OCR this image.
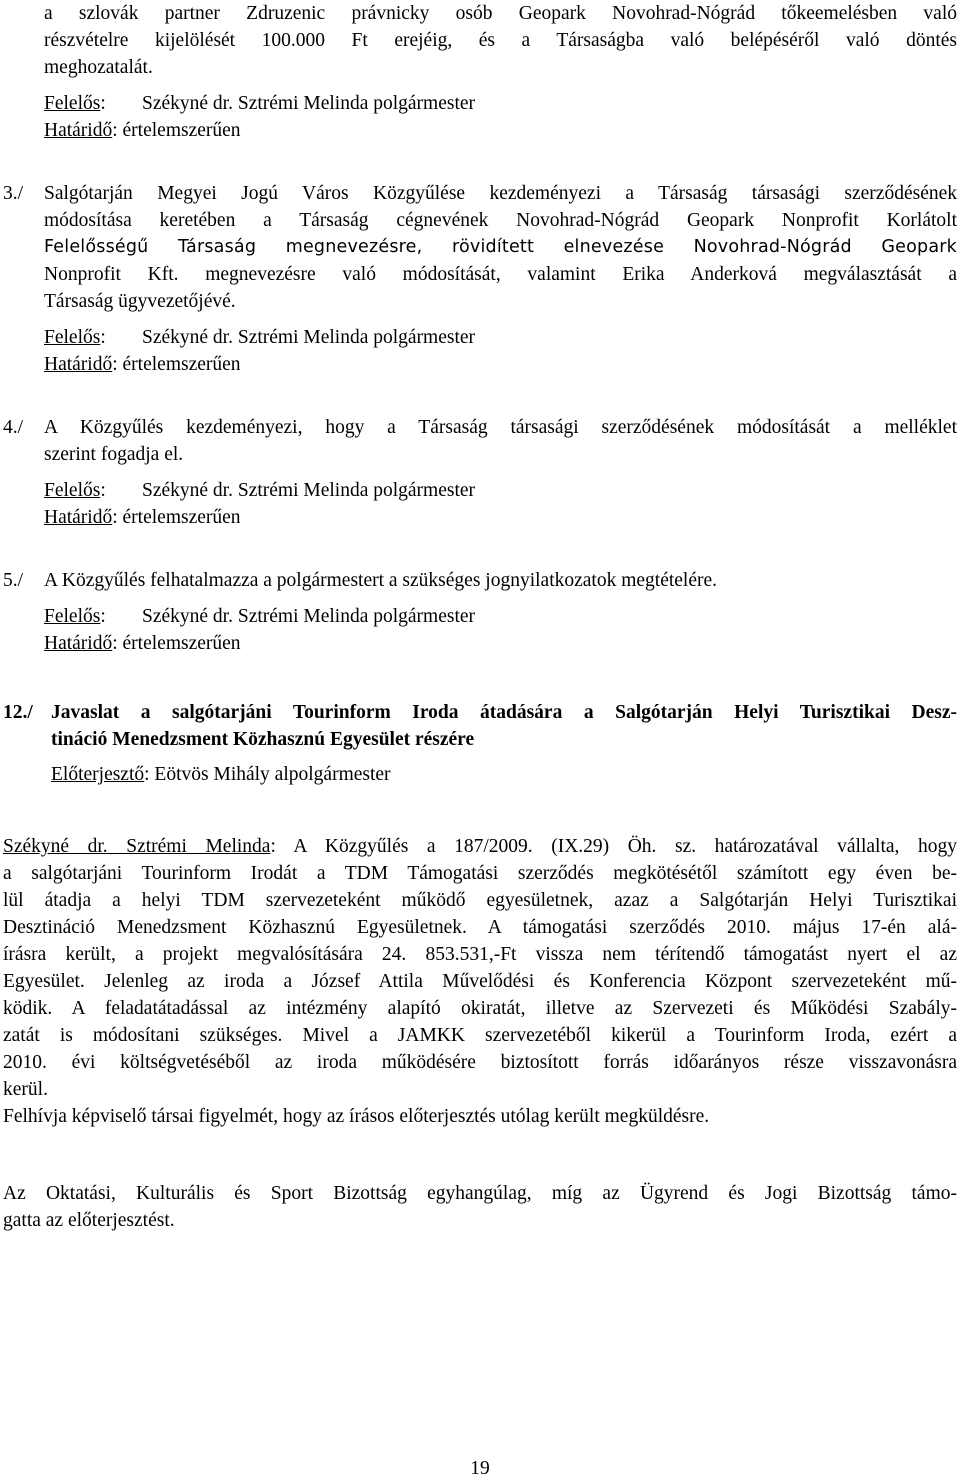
a szlovák partner Zdruzenic právnicky osób Geopark Novohrad-Nógrád tőkeemelésben való

részvételre kijelölését 100.000 Ft erejéig, és a Társaságba való belépéséről való döntés

meghozatalát.

Felelős: Székyné dr. Sztrémi Melinda polgármester

Határidő: értelemszerűen

3./ Salgótarján Megyei Jogú Város Közgyűlése kezdeményezi a Társaság társasági szerződésének

módosítása keretében a Társaság cégnevének Novohrad-Nógrád Geopark Nonprofit Korlátolt

Felelősségű Társaság megnevezésre, rövidített elnevezése Novohrad-Nógrád Geopark

Nonprofit Kft. megnevezésre való módosítását, valamint Erika Anderková megválasztását a

Társaság ügyvezetőjévé.

Felelős: Székyné dr. Sztrémi Melinda polgármester

Határidő: értelemszerűen

4./ A Közgyűlés kezdeményezi, hogy a Társaság társasági szerződésének módosítását a melléklet

szerint fogadja el.

Felelős: Székyné dr. Sztrémi Melinda polgármester

Határidő: értelemszerűen

5./ A Közgyűlés felhatalmazza a polgármestert a szükséges jognyilatkozatok megtételére.

Felelős: Székyné dr. Sztrémi Melinda polgármester

Határidő: értelemszerűen

12./ Javaslat a salgótarjáni Tourinform Iroda átadására a Salgótarján Helyi Turisztikai Desz-

tináció Menedzsment Közhasznú Egyesület részére

Előterjesztő: Eötvös Mihály alpolgármester

Székyné dr. Sztrémi Melinda: A Közgyűlés a 187/2009. (IX.29) Öh. sz. határozatával vállalta, hogy

a salgótarjáni Tourinform Irodát a TDM Támogatási szerződés megkötésétől számított egy éven be-

lül átadja a helyi TDM szervezeteként működő egyesületnek, azaz a Salgótarján Helyi Turisztikai

Desztináció Menedzsment Közhasznú Egyesületnek. A támogatási szerződés 2010. május 17-én alá-

írásra került, a projekt megvalósítására 24. 853.531,-Ft vissza nem térítendő támogatást nyert el az

Egyesület. Jelenleg az iroda a József Attila Művelődési és Konferencia Központ szervezeteként mű-

ködik. A feladatátadással az intézmény alapító okiratát, illetve az Szervezeti és Működési Szabály-

zatát is módosítani szükséges. Mivel a JAMKK szervezetéből kikerül a Tourinform Iroda, ezért a

2010. évi költségvetéséből az iroda működésére biztosított forrás időarányos része visszavonásra

kerül.

Felhívja képviselő társai figyelmét, hogy az írásos előterjesztés utólag került megküldésre.

Az Oktatási, Kulturális és Sport Bizottság egyhangúlag, míg az Ügyrend és Jogi Bizottság támo-

gatta az előterjesztést.

19
